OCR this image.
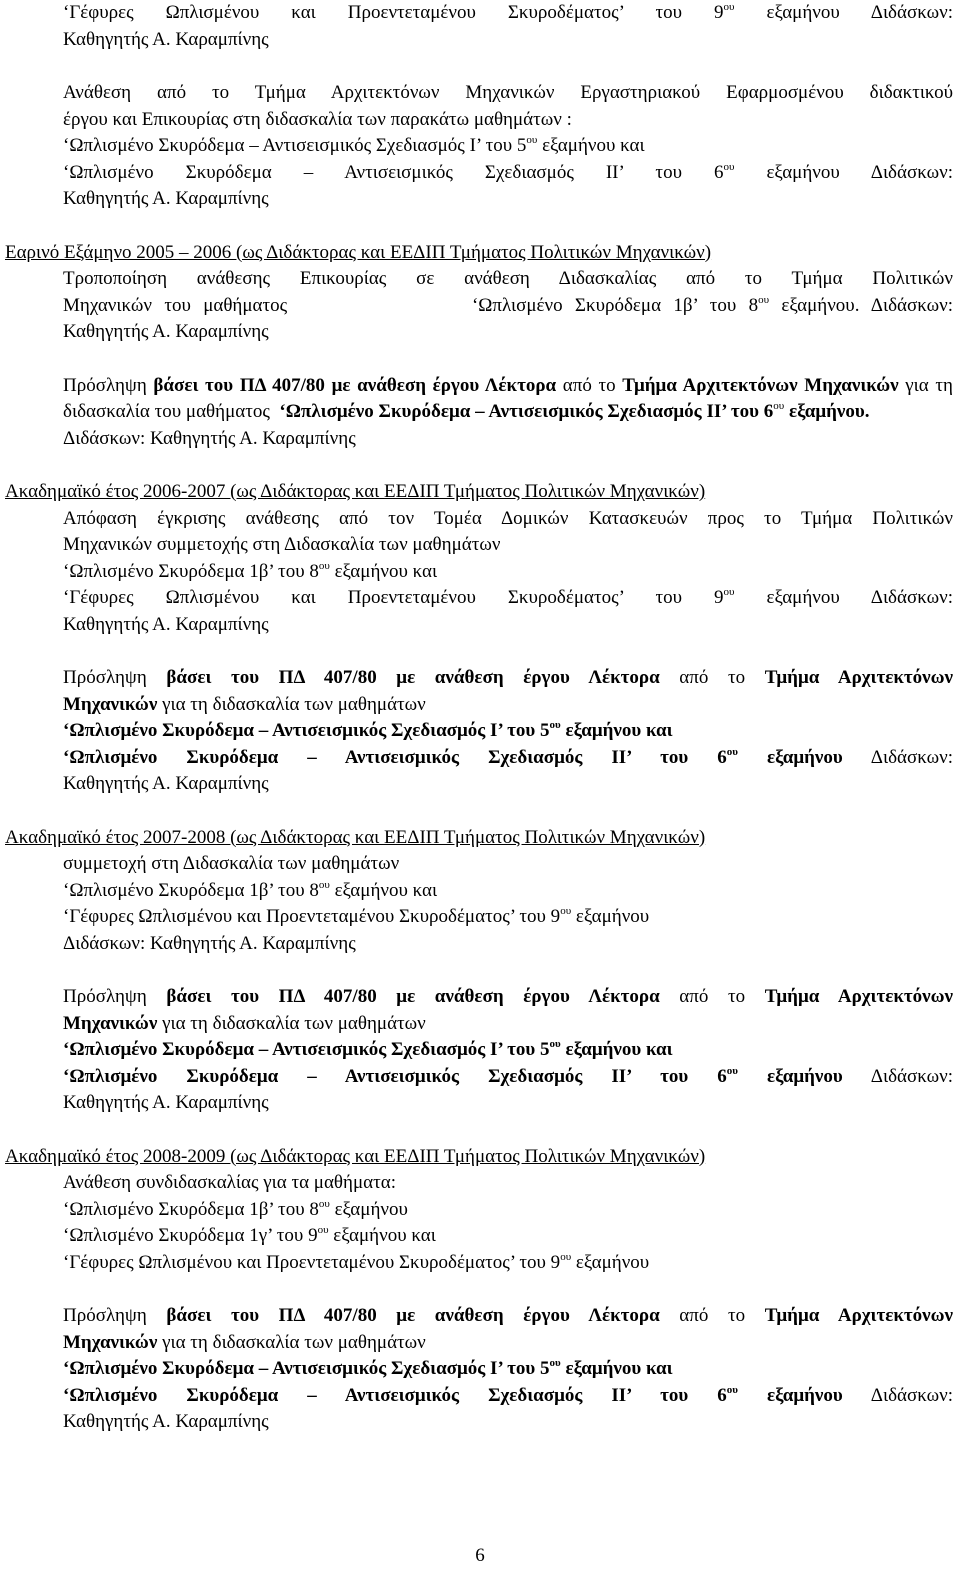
‘Γέφυρες Ωπλισμένου και Προεντεταμένου Σκυροδέματος’ του $9^{o\upsilon}$ εξαμήνου Διδάσκων:
Καθηγητής Α. Καραμπίνης
Ανάθεση από το Τμήμα Αρχιτεκτόνων Μηχανικών Εργαστηριακού Εφαρμοσμένου διδακτικού
έργου και Επικουρίας στη διδασκαλία των παρακάτω μαθημάτων :
‘Ωπλισμένο Σκυρόδεμα – Αντισεισμικός Σχεδιασμός Ι’ του $5^{o\upsilon}$ εξαμήνου και
‘Ωπλισμένο Σκυρόδεμα – Αντισεισμικός Σχεδιασμός ΙΙ’ του $6^{o\upsilon}$ εξαμήνου Διδάσκων:
Καθηγητής Α. Καραμπίνης
Εαρινό Εξάμηνο 2005 – 2006 (ως Διδάκτορας και ΕΕΔΙΠ Τμήματος Πολιτικών Μηχανικών)
Τροποποίηση ανάθεσης Επικουρίας σε ανάθεση Διδασκαλίας από το Τμήμα Πολιτικών
Μηχανικών του μαθήματος	‘Ωπλισμένο Σκυρόδεμα 1β’ του $8^{o\upsilon}$ εξαμήνου. Διδάσκων:
Καθηγητής Α. Καραμπίνης
Πρόσληψη βάσει του ΠΔ 407/80 με ανάθεση έργου Λέκτορα από το Τμήμα Αρχιτεκτόνων Μηχανικών για τη διδασκαλία του μαθήματος  ‘Ωπλισμένο Σκυρόδεμα – Αντισεισμικός Σχεδιασμός ΙΙ’ του $6^{o\upsilon}$ εξαμήνου.
Διδάσκων: Καθηγητής Α. Καραμπίνης
Ακαδημαϊκό έτος 2006-2007 (ως Διδάκτορας και ΕΕΔΙΠ Τμήματος Πολιτικών Μηχανικών)
Απόφαση έγκρισης ανάθεσης από τον Τομέα Δομικών Κατασκευών προς το Τμήμα Πολιτικών
Μηχανικών συμμετοχής στη Διδασκαλία των μαθημάτων
‘Ωπλισμένο Σκυρόδεμα 1β’ του $8^{o\upsilon}$ εξαμήνου και
‘Γέφυρες Ωπλισμένου και Προεντεταμένου Σκυροδέματος’ του $9^{o\upsilon}$ εξαμήνου Διδάσκων:
Καθηγητής Α. Καραμπίνης
Πρόσληψη βάσει του ΠΔ 407/80 με ανάθεση έργου Λέκτορα από το Τμήμα Αρχιτεκτόνων
Μηχανικών για τη διδασκαλία των μαθημάτων
‘Ωπλισμένο Σκυρόδεμα – Αντισεισμικός Σχεδιασμός Ι’ του $5^{o\upsilon}$ εξαμήνου και
‘Ωπλισμένο Σκυρόδεμα – Αντισεισμικός Σχεδιασμός ΙΙ’ του $6^{o\upsilon}$ εξαμήνου Διδάσκων:
Καθηγητής Α. Καραμπίνης
Ακαδημαϊκό έτος 2007-2008 (ως Διδάκτορας και ΕΕΔΙΠ Τμήματος Πολιτικών Μηχανικών)
συμμετοχή στη Διδασκαλία των μαθημάτων
‘Ωπλισμένο Σκυρόδεμα 1β’ του $8^{o\upsilon}$ εξαμήνου και
‘Γέφυρες Ωπλισμένου και Προεντεταμένου Σκυροδέματος’ του $9^{o\upsilon}$ εξαμήνου
Διδάσκων: Καθηγητής Α. Καραμπίνης
Πρόσληψη βάσει του ΠΔ 407/80 με ανάθεση έργου Λέκτορα από το Τμήμα Αρχιτεκτόνων
Μηχανικών για τη διδασκαλία των μαθημάτων
‘Ωπλισμένο Σκυρόδεμα – Αντισεισμικός Σχεδιασμός Ι’ του $5^{o\upsilon}$ εξαμήνου και
‘Ωπλισμένο Σκυρόδεμα – Αντισεισμικός Σχεδιασμός ΙΙ’ του $6^{o\upsilon}$ εξαμήνου Διδάσκων:
Καθηγητής Α. Καραμπίνης
Ακαδημαϊκό έτος 2008-2009 (ως Διδάκτορας και ΕΕΔΙΠ Τμήματος Πολιτικών Μηχανικών)
Ανάθεση συνδιδασκαλίας για τα μαθήματα:
‘Ωπλισμένο Σκυρόδεμα 1β’ του $8^{o\upsilon}$ εξαμήνου
‘Ωπλισμένο Σκυρόδεμα 1γ’ του $9^{o\upsilon}$ εξαμήνου και
‘Γέφυρες Ωπλισμένου και Προεντεταμένου Σκυροδέματος’ του $9^{o\upsilon}$ εξαμήνου
Πρόσληψη βάσει του ΠΔ 407/80 με ανάθεση έργου Λέκτορα από το Τμήμα Αρχιτεκτόνων
Μηχανικών για τη διδασκαλία των μαθημάτων
‘Ωπλισμένο Σκυρόδεμα – Αντισεισμικός Σχεδιασμός Ι’ του $5^{o\upsilon}$ εξαμήνου και
‘Ωπλισμένο Σκυρόδεμα – Αντισεισμικός Σχεδιασμός ΙΙ’ του $6^{o\upsilon}$ εξαμήνου Διδάσκων:
Καθηγητής Α. Καραμπίνης
6
